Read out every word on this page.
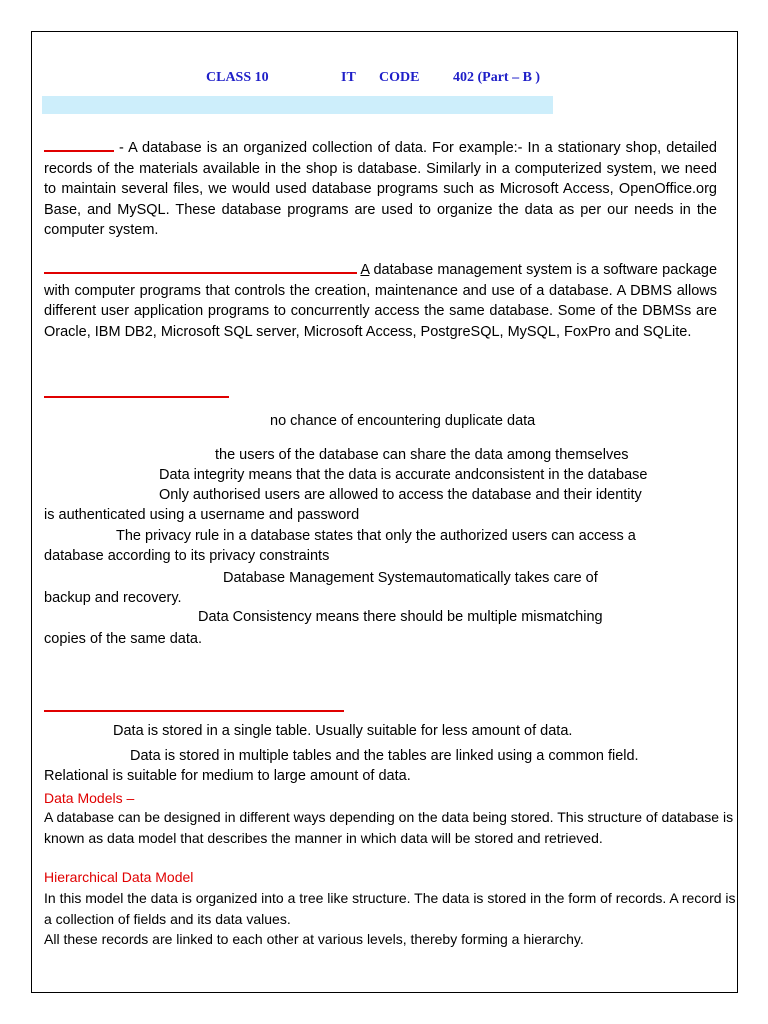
CLASS 10	IT CODE 402 (Part – B )

- A database is an organized collection of data. For example:- In a stationary shop, detailed records of the materials available in the shop is database. Similarly in a computerized system, we need to maintain several files, we would used database programs such as Microsoft Access, OpenOffice.org Base, and MySQL. These database programs are used to organize the data as per our needs in the computer system.

A database management system is a software package with computer programs that controls the creation, maintenance and use of a database. A DBMS allows different user application programs to concurrently access the same database. Some of the DBMSs are Oracle, IBM DB2, Microsoft SQL server, Microsoft Access, PostgreSQL, MySQL, FoxPro and SQLite.

no chance of encountering duplicate data
the users of the database can share the data among themselves
Data integrity means that the data is accurate andconsistent in the database
Only authorised users are allowed to access the database and their identity
is authenticated using a username and password
The privacy rule in a database states that only the authorized users can access a
database according to its privacy constraints
Database Management Systemautomatically takes care of
backup and recovery.
Data Consistency means there should be multiple mismatching
copies of the same data.
Data is stored in a single table. Usually suitable for less amount of data.
Data is stored in multiple tables and the tables are linked using a common field.
Relational is suitable for medium to large amount of data.
Data Models –

A database can be designed in different ways depending on the data being stored. This structure of database is known as data model that describes the manner in which data will be stored and retrieved.

Hierarchical Data Model

In this model the data is organized into a tree like structure. The data is stored in the form of records. A record is a collection of fields and its data values.

All these records are linked to each other at various levels, thereby forming a hierarchy.
